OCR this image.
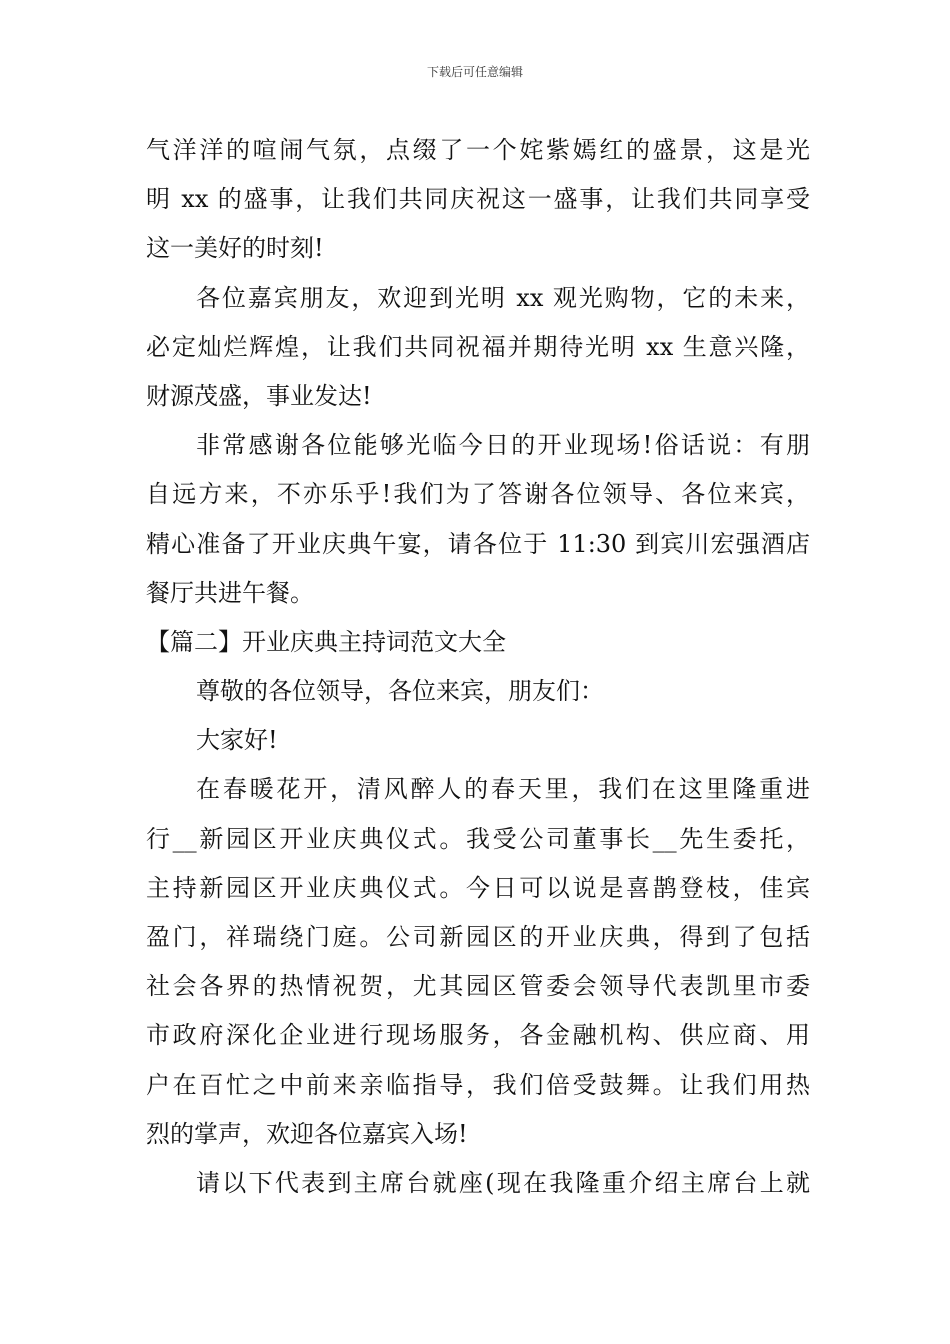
下载后可任意编辑
气洋洋的喧闹气氛，点缀了一个姹紫嫣红的盛景，这是光
明 xx 的盛事，让我们共同庆祝这一盛事，让我们共同享受
这一美好的时刻!
各位嘉宾朋友，欢迎到光明 xx 观光购物，它的未来，
必定灿烂辉煌，让我们共同祝福并期待光明 xx 生意兴隆，
财源茂盛，事业发达!
非常感谢各位能够光临今日的开业现场!俗话说：有朋
自远方来，不亦乐乎!我们为了答谢各位领导、各位来宾，
精心准备了开业庆典午宴，请各位于 11:30 到宾川宏强酒店
餐厅共进午餐。
【篇二】开业庆典主持词范文大全
尊敬的各位领导，各位来宾，朋友们：
大家好!
在春暖花开，清风醉人的春天里，我们在这里隆重进
行__新园区开业庆典仪式。我受公司董事长__先生委托，
主持新园区开业庆典仪式。今日可以说是喜鹊登枝，佳宾
盈门，祥瑞绕门庭。公司新园区的开业庆典，得到了包括
社会各界的热情祝贺，尤其园区管委会领导代表凯里市委
市政府深化企业进行现场服务，各金融机构、供应商、用
户在百忙之中前来亲临指导，我们倍受鼓舞。让我们用热
烈的掌声，欢迎各位嘉宾入场!
请以下代表到主席台就座(现在我隆重介绍主席台上就
